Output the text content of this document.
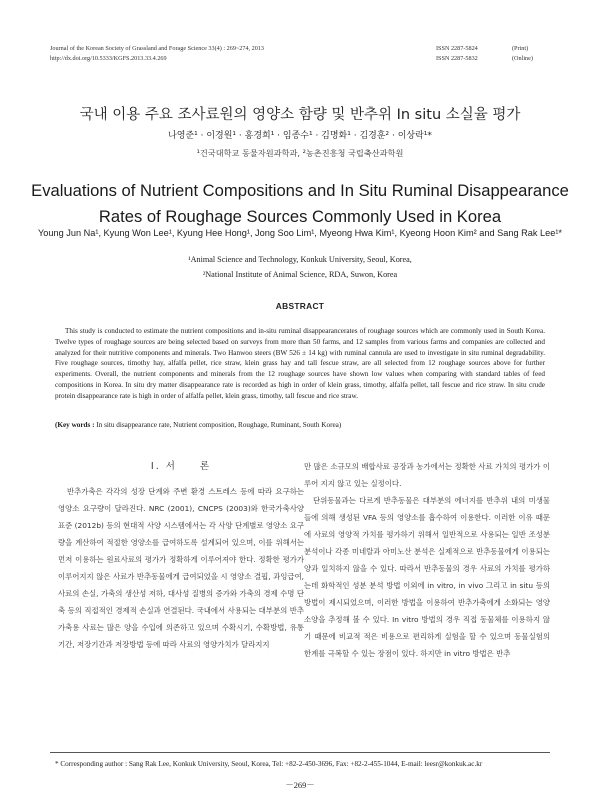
Journal of the Korean Society of Grassland and Forage Science 33(4) : 269~274, 2013
http://dx.doi.org/10.5333/KGFS.2013.33.4.269
ISSN 2287-5824	(Print)
ISSN 2287-5832	(Online)
국내 이용 주요 조사료원의 영양소 함량 및 반추위 In situ 소실율 평가
나영준¹ · 이경원¹ · 홍경희¹ · 임종수¹ · 김명화¹ · 김경훈² · 이상락¹*
¹건국대학교 동물자원과학과, ²농촌진흥청 국립축산과학원
Evaluations of Nutrient Compositions and In Situ Ruminal Disappearance Rates of Roughage Sources Commonly Used in Korea
Young Jun Na¹, Kyung Won Lee¹, Kyung Hee Hong¹, Jong Soo Lim¹, Myeong Hwa Kim¹, Kyeong Hoon Kim² and Sang Rak Lee¹*
¹Animal Science and Technology, Konkuk University, Seoul, Korea,
²National Institute of Animal Science, RDA, Suwon, Korea
ABSTRACT
This study is conducted to estimate the nutrient compositions and in-situ ruminal disappearancerates of roughage sources which are commonly used in South Korea. Twelve types of roughage sources are being selected based on surveys from more than 50 farms, and 12 samples from various farms and companies are collected and analyzed for their nutritive components and minerals. Two Hanwoo steers (BW 526 ± 14 kg) with ruminal cannula are used to investigate in situ ruminal degradability. Five roughage sources, timothy hay, alfalfa pellet, rice straw, klein grass hay and tall fescue straw, are all selected from 12 roughage sources above for further experiments. Overall, the nutrient components and minerals from the 12 roughage sources have shown low values when comparing with standard tables of feed compositions in Korea. In situ dry matter disappearance rate is recorded as high in order of klein grass, timothy, alfalfa pellet, tall fescue and rice straw. In situ crude protein disappearance rate is high in order of alfalfa pellet, klein grass, timothy, tall fescue and rice straw.
(Key words : In situ disappearance rate, Nutrient composition, Roughage, Ruminant, South Korea)
Ⅰ. 서　　론
반추가축은 각각의 성장 단계와 주변 환경 스트레스 등에 따라 요구하는 영양소 요구량이 달라진다. NRC (2001), CNCPS (2003)와 한국가축사양표준 (2012b) 등의 현대적 사양 시스템에서는 각 사양 단계별로 영양소 요구량을 계산하여 적절한 영양소를 급여하도록 설계되어 있으며, 이를 위해서는 먼저 이용하는 원료사료의 평가가 정확하게 이루어져야 한다. 정확한 평가가 이루어지지 않은 사료가 반추동물에게 급여되었을 시 영양소 결핍, 과잉급여, 사료의 손실, 가축의 생산성 저하, 대사성 질병의 증가와 가축의 경제 수명 단축 등의 직접적인 경제적 손실과 연결된다. 국내에서 사용되는 대부분의 반추가축용 사료는 많은 양을 수입에 의존하고 있으며 수확시기, 수확방법, 유통기간, 저장기간과 저장방법 등에 따라 사료의 영양가치가 달라지지
만 많은 소규모의 배합사료 공장과 농가에서는 정확한 사료 가치의 평가가 이루어 지지 않고 있는 실정이다.
단위동물과는 다르게 반추동물은 대부분의 에너지를 반추위 내의 미생물들에 의해 생성된 VFA 등의 영양소를 흡수하여 이용한다. 이러한 이유 때문에 사료의 영양적 가치를 평가하기 위해서 일반적으로 사용되는 일반 조성분 분석이나 각종 미네랄과 아미노산 분석은 실제적으로 반추동물에게 이용되는 양과 일치하지 않을 수 있다. 따라서 반추동물의 경우 사료의 가치를 평가하는데 화학적인 성분 분석 방법 이외에 in vitro, in vivo 그리고 in situ 등의 방법이 제시되었으며, 이러한 방법을 이용하여 반추가축에게 소화되는 영양소양을 추정해 볼 수 있다. In vitro 방법의 경우 직접 동물체를 이용하지 않기 때문에 비교적 적은 비용으로 편리하게 실험을 할 수 있으며 동물실험의 한계를 극복할 수 있는 장점이 있다. 하지만 in vitro 방법은 반추
* Corresponding author : Sang Rak Lee, Konkuk University, Seoul, Korea, Tel: +82-2-450-3696, Fax: +82-2-455-1044, E-mail: leesr@konkuk.ac.kr
－269－
